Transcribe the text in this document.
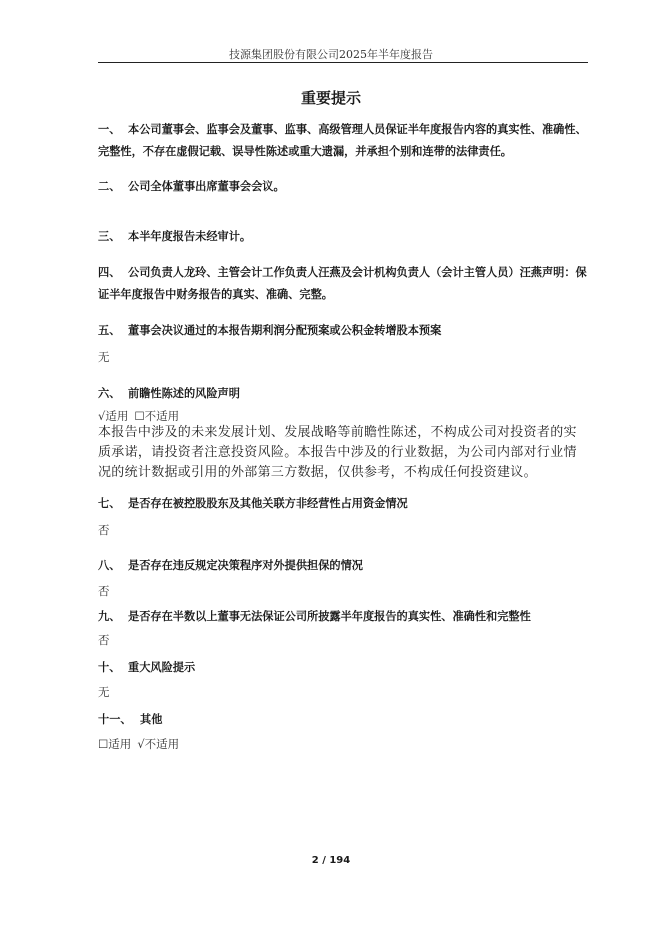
技源集团股份有限公司2025年半年度报告
重要提示
一、 本公司董事会、监事会及董事、监事、高级管理人员保证半年度报告内容的真实性、准确性、完整性，不存在虚假记载、误导性陈述或重大遗漏，并承担个别和连带的法律责任。
二、 公司全体董事出席董事会会议。
三、 本半年度报告未经审计。
四、 公司负责人龙玲、主管会计工作负责人汪燕及会计机构负责人（会计主管人员）汪燕声明：保证半年度报告中财务报告的真实、准确、完整。
五、 董事会决议通过的本报告期利润分配预案或公积金转增股本预案
无
六、 前瞻性陈述的风险声明
√适用 ☐不适用
本报告中涉及的未来发展计划、发展战略等前瞻性陈述，不构成公司对投资者的实质承诺，请投资者注意投资风险。本报告中涉及的行业数据，为公司内部对行业情况的统计数据或引用的外部第三方数据，仅供参考，不构成任何投资建议。
七、 是否存在被控股股东及其他关联方非经营性占用资金情况
否
八、 是否存在违反规定决策程序对外提供担保的情况
否
九、 是否存在半数以上董事无法保证公司所披露半年度报告的真实性、准确性和完整性
否
十、 重大风险提示
无
十一、 其他
☐适用 √不适用
2 / 194
